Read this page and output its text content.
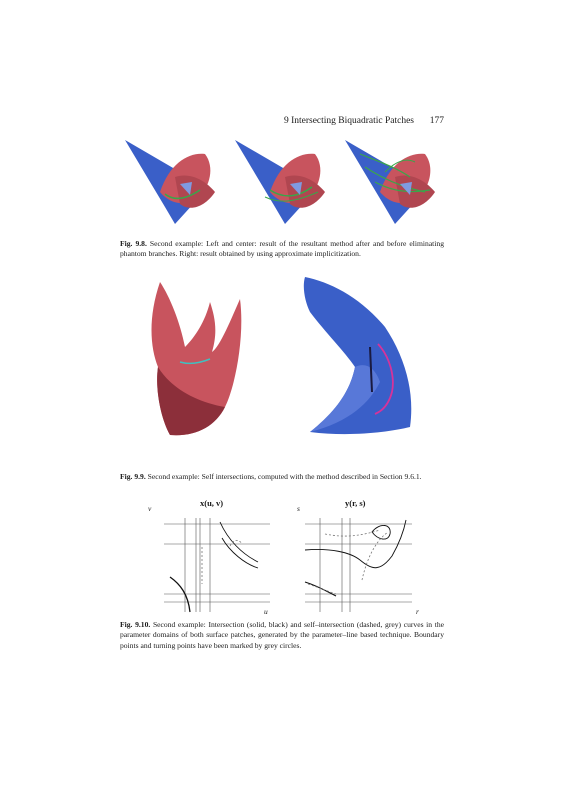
9 Intersecting Biquadratic Patches 177
Fig. 9.8. Second example: Left and center: result of the resultant method after and before eliminating phantom branches. Right: result obtained by using approximate implicitization.
Fig. 9.9. Second example: Self intersections, computed with the method described in Section 9.6.1.
x(u, v)
v
u
y(r, s)
s
r
Fig. 9.10. Second example: Intersection (solid, black) and self–intersection (dashed, grey) curves in the parameter domains of both surface patches, generated by the parameter–line based technique. Boundary points and turning points have been marked by grey circles.
